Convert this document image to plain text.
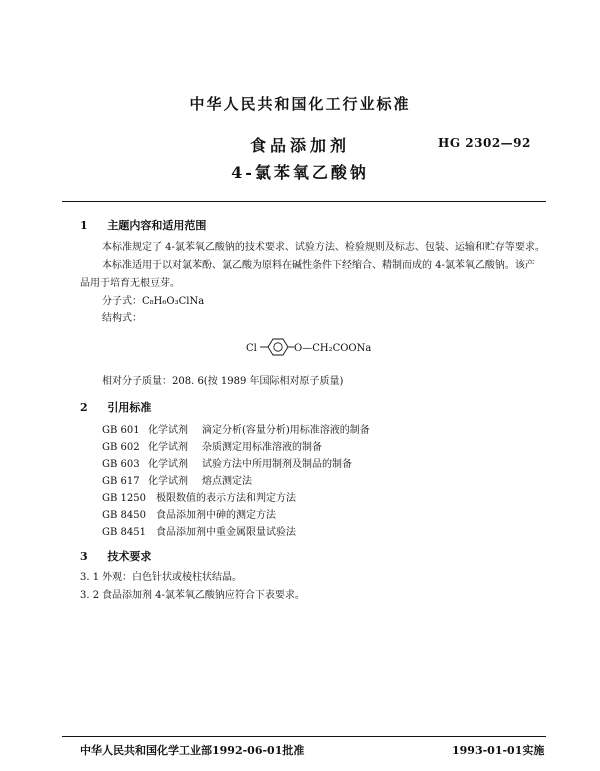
中华人民共和国化工行业标准
食品添加剂
4-氯苯氧乙酸钠
HG 2302—92
1 主题内容和适用范围
本标准规定了 4-氯苯氧乙酸钠的技术要求、试验方法、检验规则及标志、包装、运输和贮存等要求。
本标准适用于以对氯苯酚、氯乙酸为原料在碱性条件下经缩合、精制而成的 4-氯苯氧乙酸钠。该产
品用于培育无根豆芽。
分子式：C₈H₆O₃ClNa
结构式：
Cl	O—CH₂COONa
相对分子质量：208. 6(按 1989 年国际相对原子质量)
2 引用标准
GB 601 化学试剂 滴定分析(容量分析)用标准溶液的制备
GB 602 化学试剂 杂质测定用标准溶液的制备
GB 603 化学试剂 试验方法中所用制剂及制品的制备
GB 617 化学试剂 熔点测定法
GB 1250 极限数值的表示方法和判定方法
GB 8450 食品添加剂中砷的测定方法
GB 8451 食品添加剂中重金属限量试验法
3 技术要求
3. 1 外观：白色针状或棱柱状结晶。
3. 2 食品添加剂 4-氯苯氧乙酸钠应符合下表要求。
中华人民共和国化学工业部1992-06-01批准	1993-01-01实施
